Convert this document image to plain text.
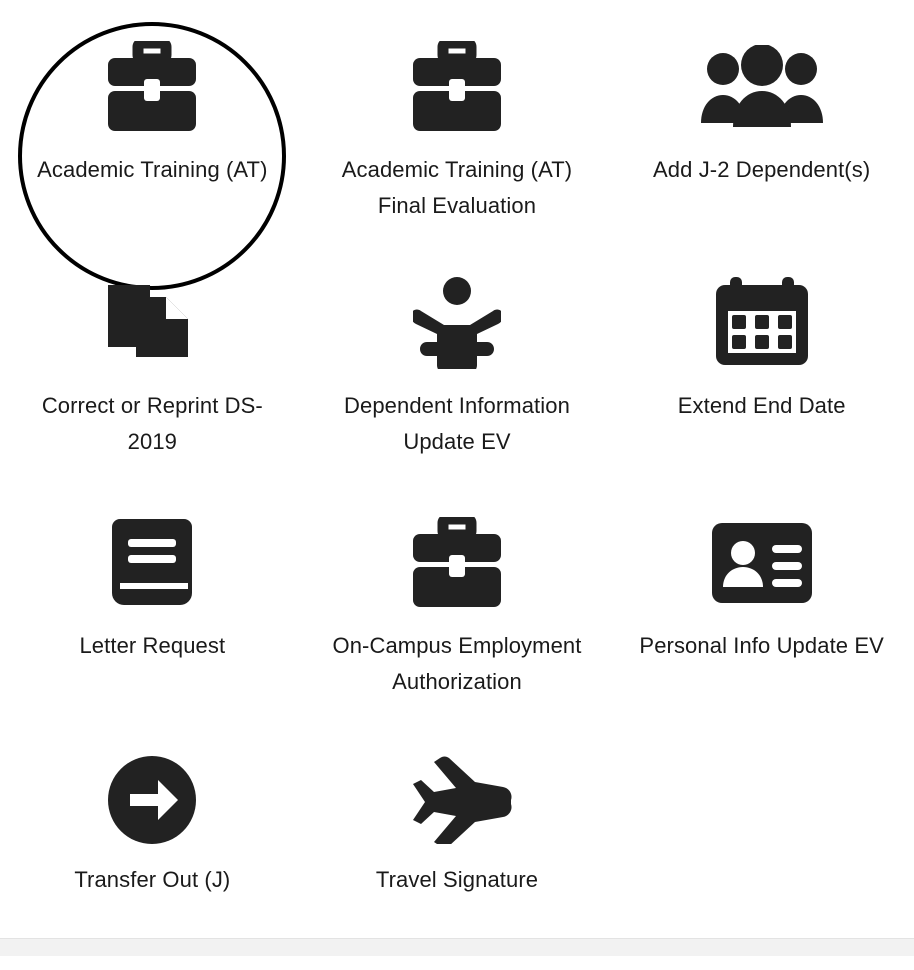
Academic Training (AT)	Academic Training (AT) Final Evaluation
Add J-2 Dependent(s)
Correct or Reprint DS-2019
Dependent Information Update EV
Extend End Date
Letter Request	On-Campus Employment Authorization
Personal Info Update EV
Transfer Out (J)	Travel Signature
